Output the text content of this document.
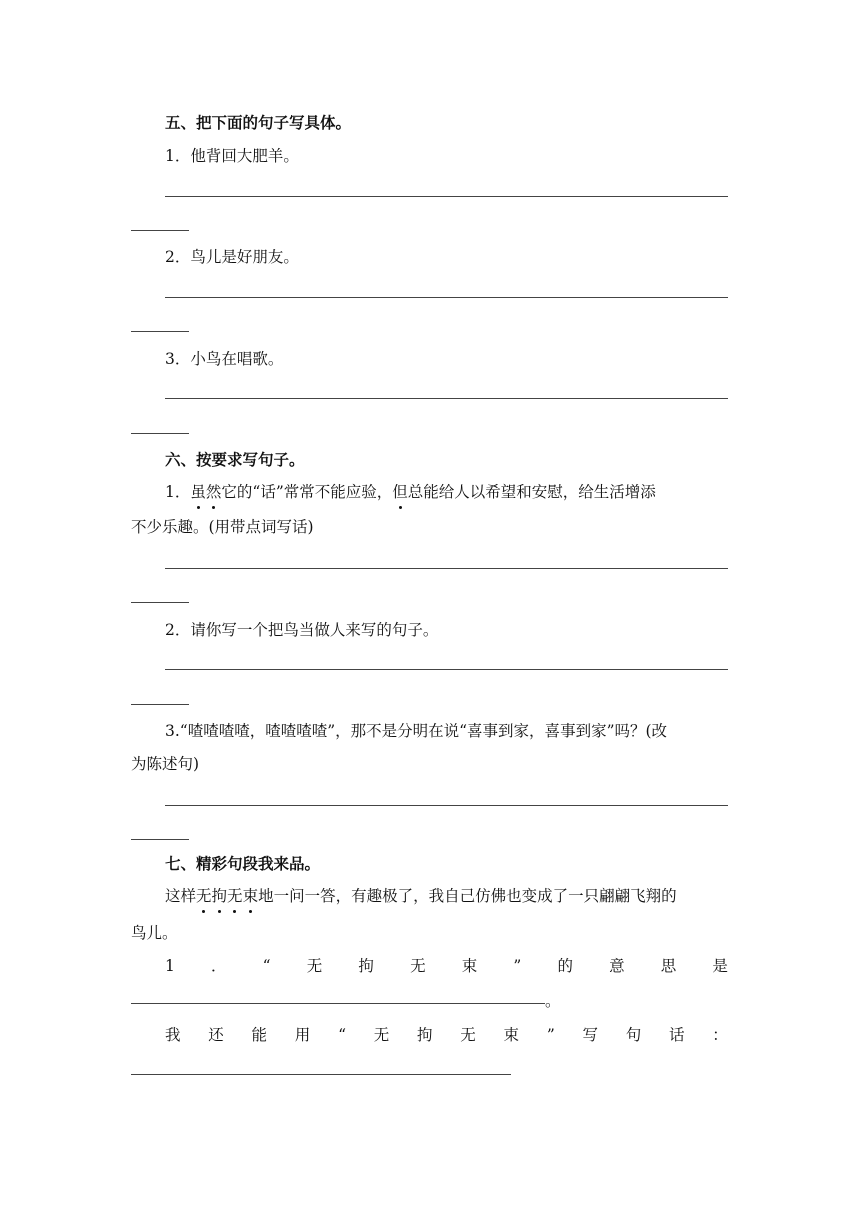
五、把下面的句子写具体。
1．他背回大肥羊。
2．鸟儿是好朋友。
3．小鸟在唱歌。
六、按要求写句子。
1．虽然它的“话”常常不能应验，但总能给人以希望和安慰，给生活增添
不少乐趣。(用带点词写话)
2．请你写一个把鸟当做人来写的句子。
3.“喳喳喳喳，喳喳喳喳”，那不是分明在说“喜事到家，喜事到家”吗？(改
为陈述句)
七、精彩句段我来品。
这样无拘无束地一问一答，有趣极了，我自己仿佛也变成了一只翩翩飞翔的
鸟儿。
1 ． “ 无 拘 无 束 ” 的 意 思 是
。
我 还 能 用 “ 无 拘 无 束 ” 写 句 话 ：
